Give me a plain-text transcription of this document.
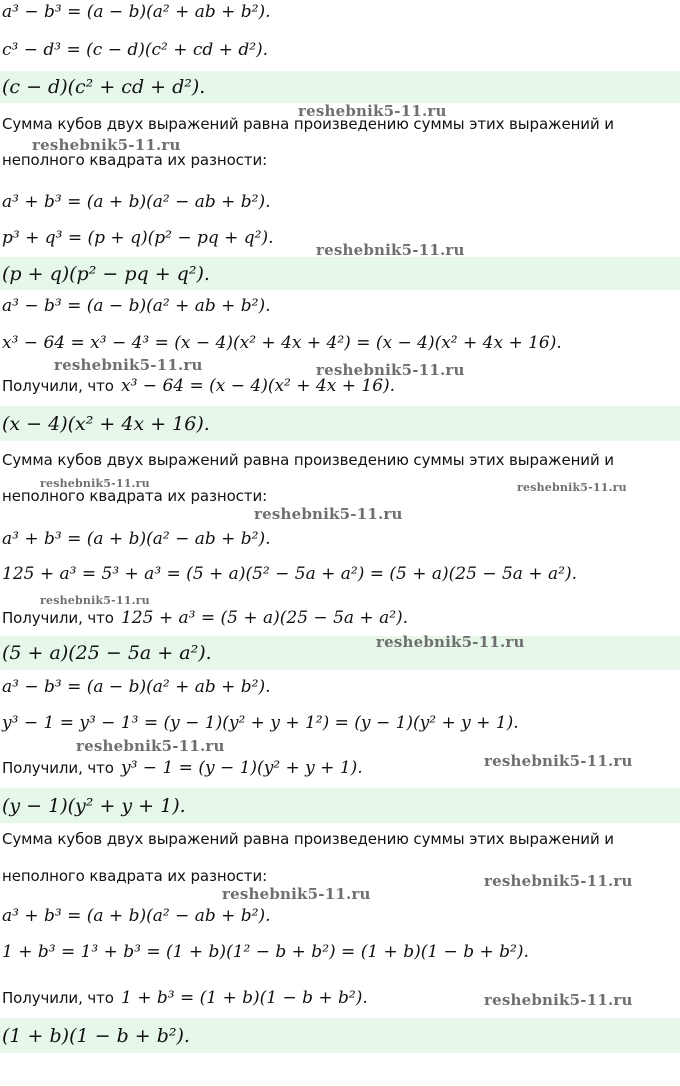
a³ − b³ = (a − b)(a² + ab + b²).
c³ − d³ = (c − d)(c² + cd + d²).
(c − d)(c² + cd + d²).
Сумма кубов двух выражений равна произведению суммы этих выражений и
неполного квадрата их разности:
a³ + b³ = (a + b)(a² − ab + b²).
p³ + q³ = (p + q)(p² − pq + q²).
(p + q)(p² − pq + q²).
a³ − b³ = (a − b)(a² + ab + b²).
x³ − 64 = x³ − 4³ = (x − 4)(x² + 4x + 4²) = (x − 4)(x² + 4x + 16).
Получили, что x³ − 64 = (x − 4)(x² + 4x + 16).
(x − 4)(x² + 4x + 16).
Сумма кубов двух выражений равна произведению суммы этих выражений и
неполного квадрата их разности:
a³ + b³ = (a + b)(a² − ab + b²).
125 + a³ = 5³ + a³ = (5 + a)(5² − 5a + a²) = (5 + a)(25 − 5a + a²).
Получили, что 125 + a³ = (5 + a)(25 − 5a + a²).
(5 + a)(25 − 5a + a²).
a³ − b³ = (a − b)(a² + ab + b²).
y³ − 1 = y³ − 1³ = (y − 1)(y² + y + 1²) = (y − 1)(y² + y + 1).
Получили, что y³ − 1 = (y − 1)(y² + y + 1).
(y − 1)(y² + y + 1).
Сумма кубов двух выражений равна произведению суммы этих выражений и
неполного квадрата их разности:
a³ + b³ = (a + b)(a² − ab + b²).
1 + b³ = 1³ + b³ = (1 + b)(1² − b + b²) = (1 + b)(1 − b + b²).
Получили, что 1 + b³ = (1 + b)(1 − b + b²).
(1 + b)(1 − b + b²).
reshebnik5-11.ru
reshebnik5-11.ru
reshebnik5-11.ru
reshebnik5-11.ru	reshebnik5-11.ru
reshebnik5-11.ru	reshebnik5-11.ru
reshebnik5-11.ru
reshebnik5-11.ru
reshebnik5-11.ru
reshebnik5-11.ru
reshebnik5-11.ru
reshebnik5-11.ru
reshebnik5-11.ru
reshebnik5-11.ru
